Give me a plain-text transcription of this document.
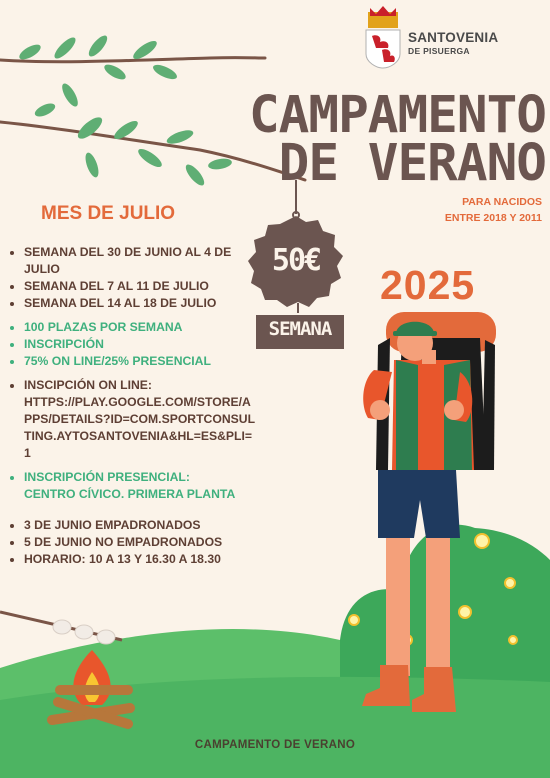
SANTOVENIA
DE PISUERGA
CAMPAMENTO
DE VERANO
MES DE JULIO
PARA NACIDOS
ENTRE 2018 Y 2011
50€
SEMANA
2025
• SEMANA DEL 30 DE JUNIO AL 4 DE JULIO
• SEMANA DEL 7 AL 11 DE JULIO
• SEMANA DEL 14 AL 18 DE JULIO
• 100 PLAZAS POR SEMANA
• INSCRIPCIÓN
• 75% ON LINE/25% PRESENCIAL
• INSCIPCIÓN ON LINE:
HTTPS://PLAY.GOOGLE.COM/STORE/APPS/DETAILS?ID=COM.SPORTCONSULTING.AYTOSANTOVENIA&HL=ES&PLI=1
• INSCRIPCIÓN PRESENCIAL:
CENTRO CÍVICO. PRIMERA PLANTA
• 3 DE JUNIO EMPADRONADOS
• 5 DE JUNIO NO EMPADRONADOS
• HORARIO: 10 A 13 Y 16.30 A 18.30
CAMPAMENTO DE VERANO
